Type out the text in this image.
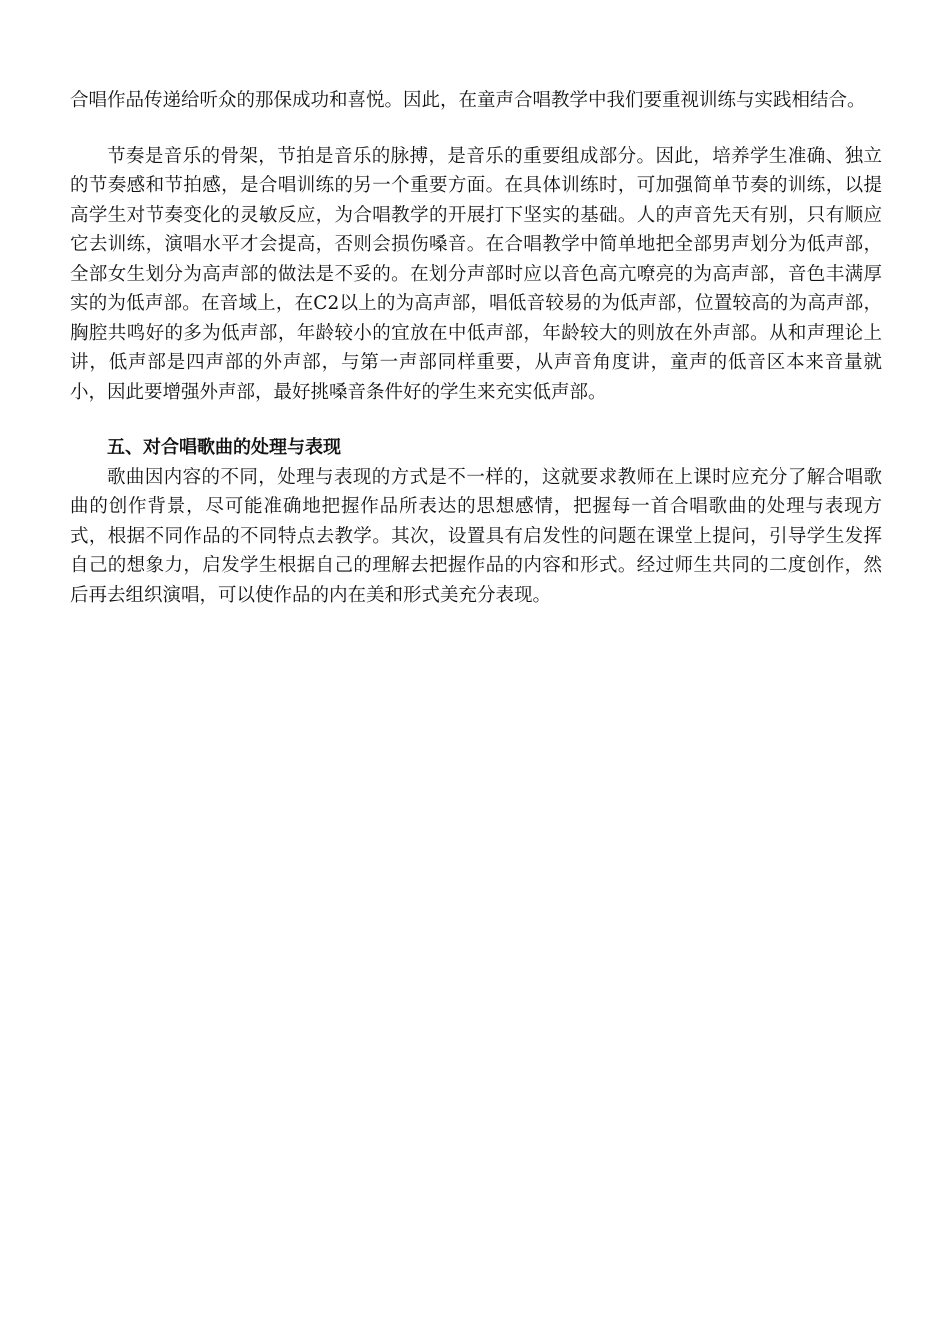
合唱作品传递给听众的那保成功和喜悦。因此，在童声合唱教学中我们要重视训练与实践相结合。

节奏是音乐的骨架，节拍是音乐的脉搏，是音乐的重要组成部分。因此，培养学生准确、独立的节奏感和节拍感，是合唱训练的另一个重要方面。在具体训练时，可加强简单节奏的训练，以提高学生对节奏变化的灵敏反应，为合唱教学的开展打下坚实的基础。人的声音先天有别，只有顺应它去训练，演唱水平才会提高，否则会损伤嗓音。在合唱教学中简单地把全部男声划分为低声部，全部女生划分为高声部的做法是不妥的。在划分声部时应以音色高亢嘹亮的为高声部，音色丰满厚实的为低声部。在音域上，在C2以上的为高声部，唱低音较易的为低声部，位置较高的为高声部，胸腔共鸣好的多为低声部，年龄较小的宜放在中低声部，年龄较大的则放在外声部。从和声理论上讲，低声部是四声部的外声部，与第一声部同样重要，从声音角度讲，童声的低音区本来音量就小，因此要增强外声部，最好挑嗓音条件好的学生来充实低声部。

五、对合唱歌曲的处理与表现

歌曲因内容的不同，处理与表现的方式是不一样的，这就要求教师在上课时应充分了解合唱歌曲的创作背景，尽可能准确地把握作品所表达的思想感情，把握每一首合唱歌曲的处理与表现方式，根据不同作品的不同特点去教学。其次，设置具有启发性的问题在课堂上提问，引导学生发挥自己的想象力，启发学生根据自己的理解去把握作品的内容和形式。经过师生共同的二度创作，然后再去组织演唱，可以使作品的内在美和形式美充分表现。
